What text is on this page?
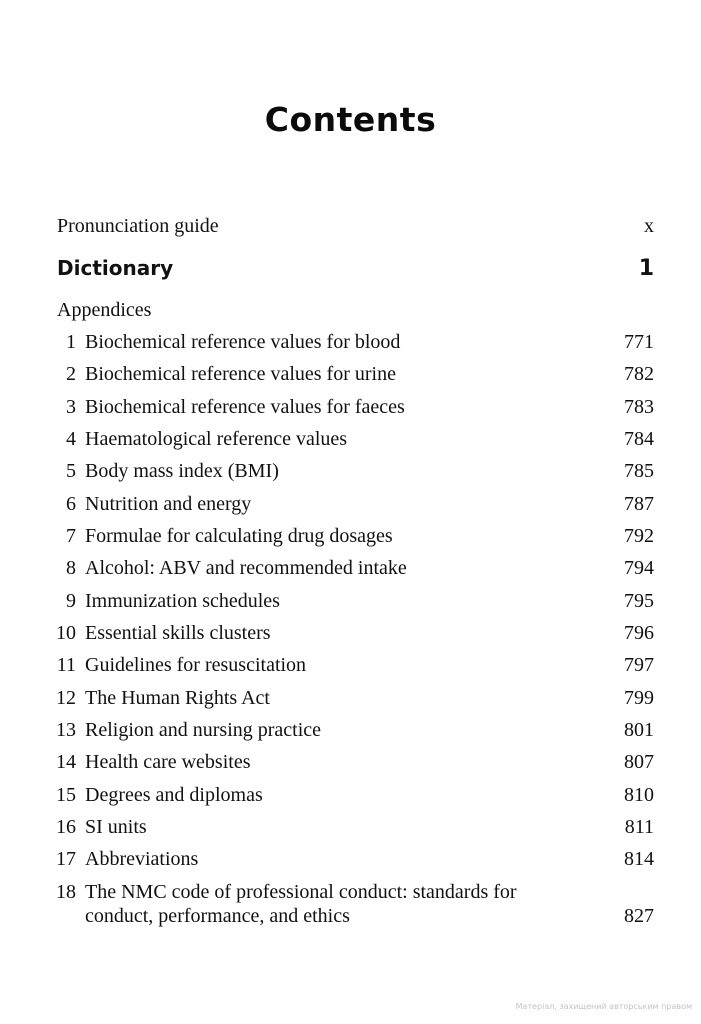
Contents
Pronunciation guide	x
Dictionary	1
Appendices
1 Biochemical reference values for blood	771
2 Biochemical reference values for urine	782
3 Biochemical reference values for faeces	783
4 Haematological reference values	784
5 Body mass index (BMI)	785
6 Nutrition and energy	787
7 Formulae for calculating drug dosages	792
8 Alcohol: ABV and recommended intake	794
9 Immunization schedules	795
10 Essential skills clusters	796
11 Guidelines for resuscitation	797
12 The Human Rights Act	799
13 Religion and nursing practice	801
14 Health care websites	807
15 Degrees and diplomas	810
16 SI units	811
17 Abbreviations	814
18 The NMC code of professional conduct: standards for conduct, performance, and ethics	827
Матеріал, захищений авторським правом
